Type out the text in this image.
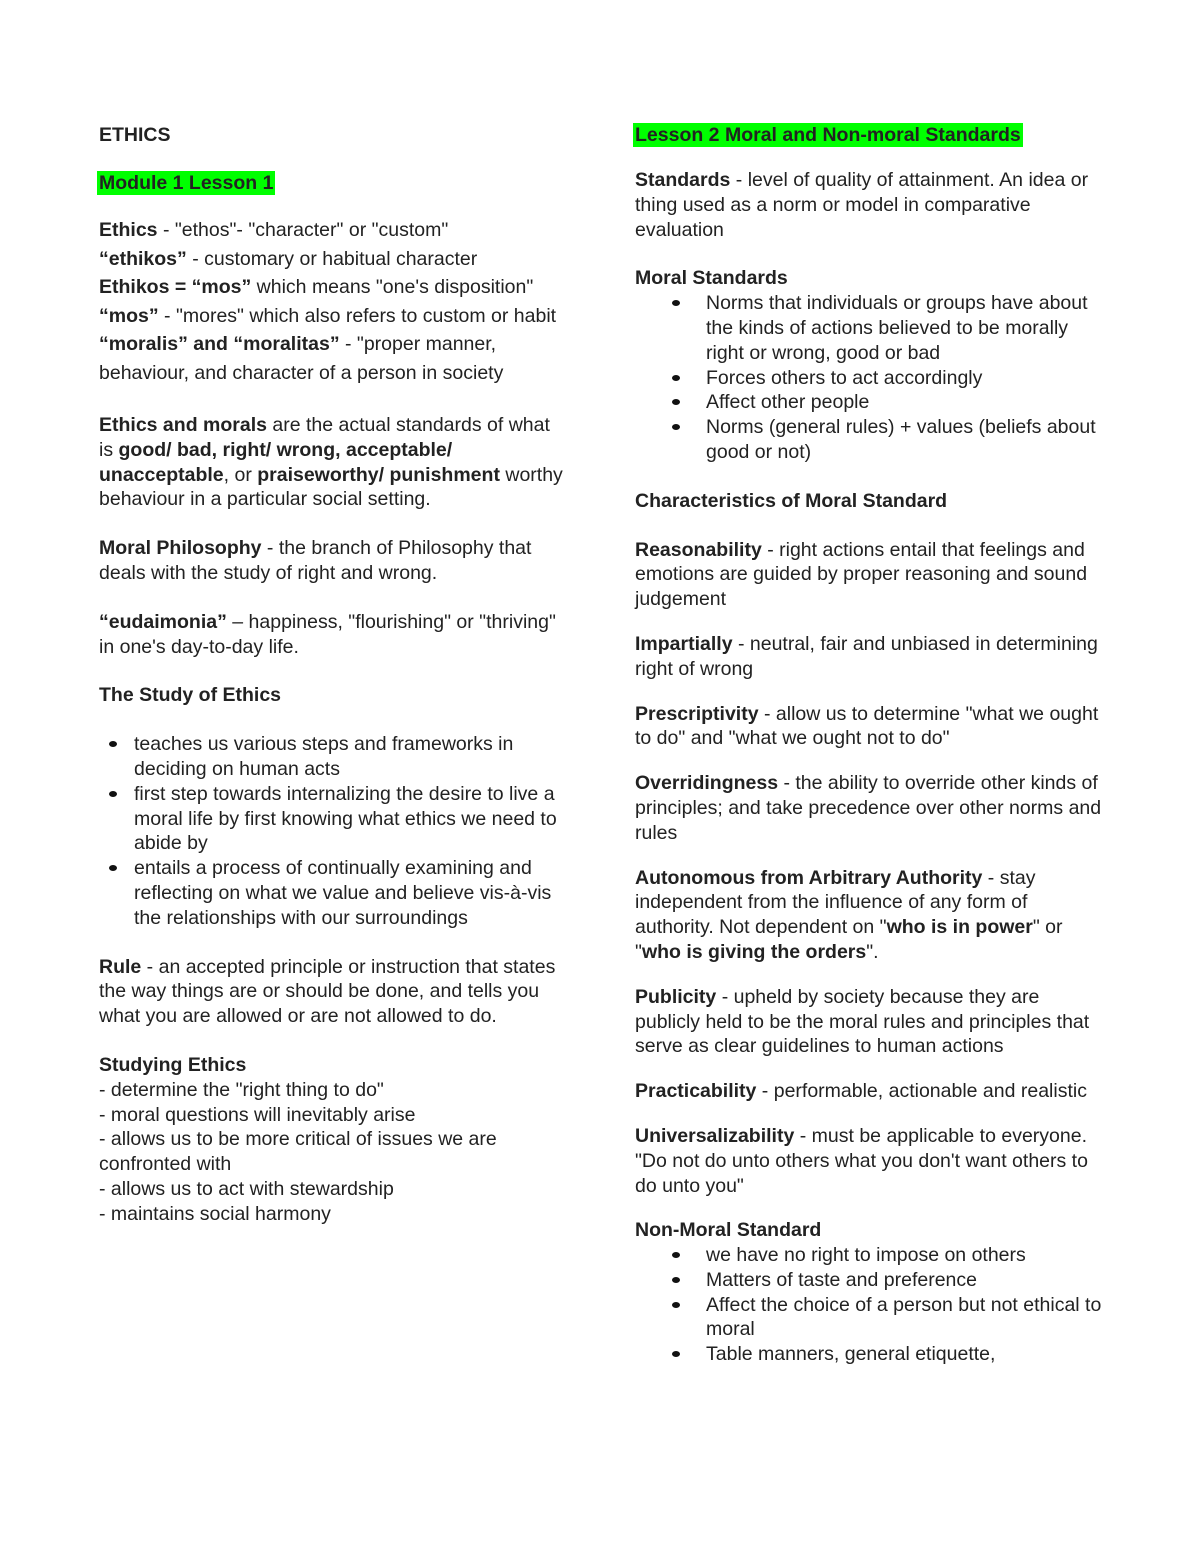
ETHICS

Module 1 Lesson 1

Ethics - "ethos"- "character" or "custom"

“ethikos” - customary or habitual character

Ethikos = “mos” which means "one's disposition"

“mos” - "mores" which also refers to custom or habit

“moralis” and “moralitas” - "proper manner, behaviour, and character of a person in society

Ethics and morals are the actual standards of what is good/ bad, right/ wrong, acceptable/ unacceptable, or praiseworthy/ punishment worthy behaviour in a particular social setting.

Moral Philosophy - the branch of Philosophy that deals with the study of right and wrong.

“eudaimonia” – happiness, "flourishing" or "thriving" in one's day-to-day life.

The Study of Ethics

teaches us various steps and frameworks in deciding on human acts
first step towards internalizing the desire to live a moral life by first knowing what ethics we need to abide by
entails a process of continually examining and reflecting on what we value and believe vis-à-vis the relationships with our surroundings

Rule - an accepted principle or instruction that states the way things are or should be done, and tells you what you are allowed or are not allowed to do.

Studying Ethics

- determine the "right thing to do"

- moral questions will inevitably arise

- allows us to be more critical of issues we are confronted with

- allows us to act with stewardship

- maintains social harmony

Lesson 2 Moral and Non-moral Standards

Standards - level of quality of attainment. An idea or thing used as a norm or model in comparative evaluation

Moral Standards

Norms that individuals or groups have about the kinds of actions believed to be morally right or wrong, good or bad
Forces others to act accordingly
Affect other people
Norms (general rules) + values (beliefs about good or not)

Characteristics of Moral Standard

Reasonability - right actions entail that feelings and emotions are guided by proper reasoning and sound judgement

Impartially - neutral, fair and unbiased in determining right of wrong

Prescriptivity - allow us to determine "what we ought to do" and "what we ought not to do"

Overridingness - the ability to override other kinds of principles; and take precedence over other norms and rules

Autonomous from Arbitrary Authority - stay independent from the influence of any form of authority. Not dependent on "who is in power" or "who is giving the orders".

Publicity - upheld by society because they are publicly held to be the moral rules and principles that serve as clear guidelines to human actions

Practicability - performable, actionable and realistic

Universalizability - must be applicable to everyone. "Do not do unto others what you don't want others to do unto you"

Non-Moral Standard

we have no right to impose on others
Matters of taste and preference
Affect the choice of a person but not ethical to moral
Table manners, general etiquette,
